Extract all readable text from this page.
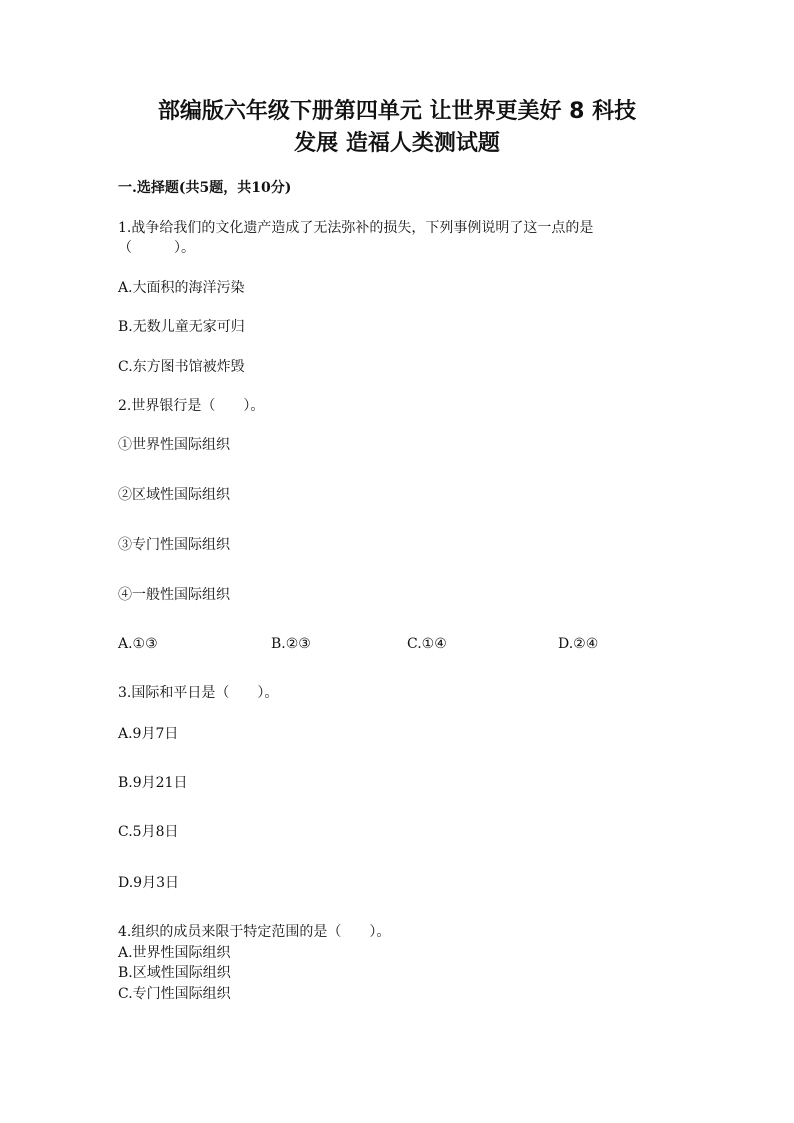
部编版六年级下册第四单元 让世界更美好 8 科技
发展 造福人类测试题
一.选择题(共5题，共10分)
1.战争给我们的文化遗产造成了无法弥补的损失，下列事例说明了这一点的是
（　　　）。
A.大面积的海洋污染
B.无数儿童无家可归
C.东方图书馆被炸毁
2.世界银行是（　　）。
①世界性国际组织
②区域性国际组织
③专门性国际组织
④一般性国际组织
A.①③	B.②③	C.①④	D.②④
3.国际和平日是（　　）。
A.9月7日
B.9月21日
C.5月8日
D.9月3日
4.组织的成员来限于特定范围的是（　　）。
A.世界性国际组织
B.区域性国际组织
C.专门性国际组织
